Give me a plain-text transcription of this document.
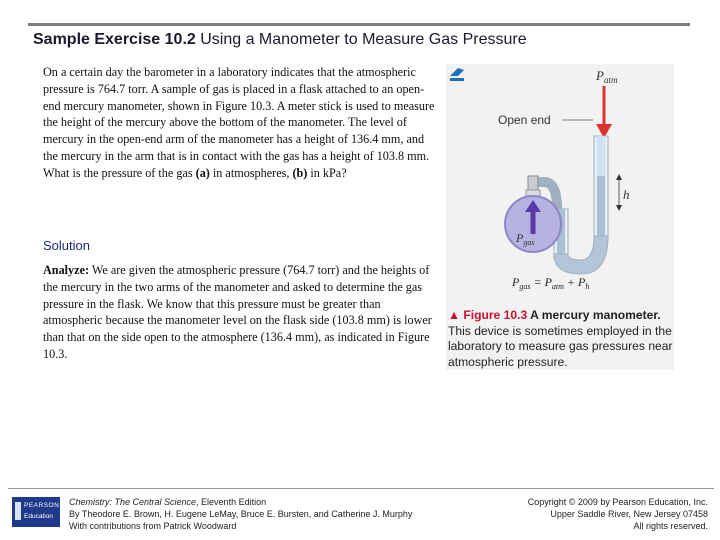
Sample Exercise 10.2 Using a Manometer to Measure Gas Pressure

On a certain day the barometer in a laboratory indicates that the atmospheric pressure is 764.7 torr. A sample of gas is placed in a flask attached to an open-end mercury manometer, shown in Figure 10.3. A meter stick is used to measure the height of the mercury above the bottom of the manometer. The level of mercury in the open-end arm of the manometer has a height of 136.4 mm, and the mercury in the arm that is in contact with the gas has a height of 103.8 mm. What is the pressure of the gas (a) in atmospheres, (b) in kPa?

Solution

Analyze: We are given the atmospheric pressure (764.7 torr) and the heights of the mercury in the two arms of the manometer and asked to determine the gas pressure in the flask. We know that this pressure must be greater than atmospheric because the manometer level on the flask side (103.8 mm) is lower than that on the side open to the atmosphere (136.4 mm), as indicated in Figure 10.3.

$P_{atm}$
Open end
h
$P_{gas}$
$P_{gas} = P_{atm} + P_h$

▲ Figure 10.3 A mercury manometer. This device is sometimes employed in the laboratory to measure gas pressures near atmospheric pressure.

PEARSON
Education
Chemistry: The Central Science, Eleventh Edition
By Theodore E. Brown, H. Eugene LeMay, Bruce E. Bursten, and Catherine J. Murphy
With contributions from Patrick Woodward
Copyright © 2009 by Pearson Education, Inc.
Upper Saddle River, New Jersey 07458
All rights reserved.
